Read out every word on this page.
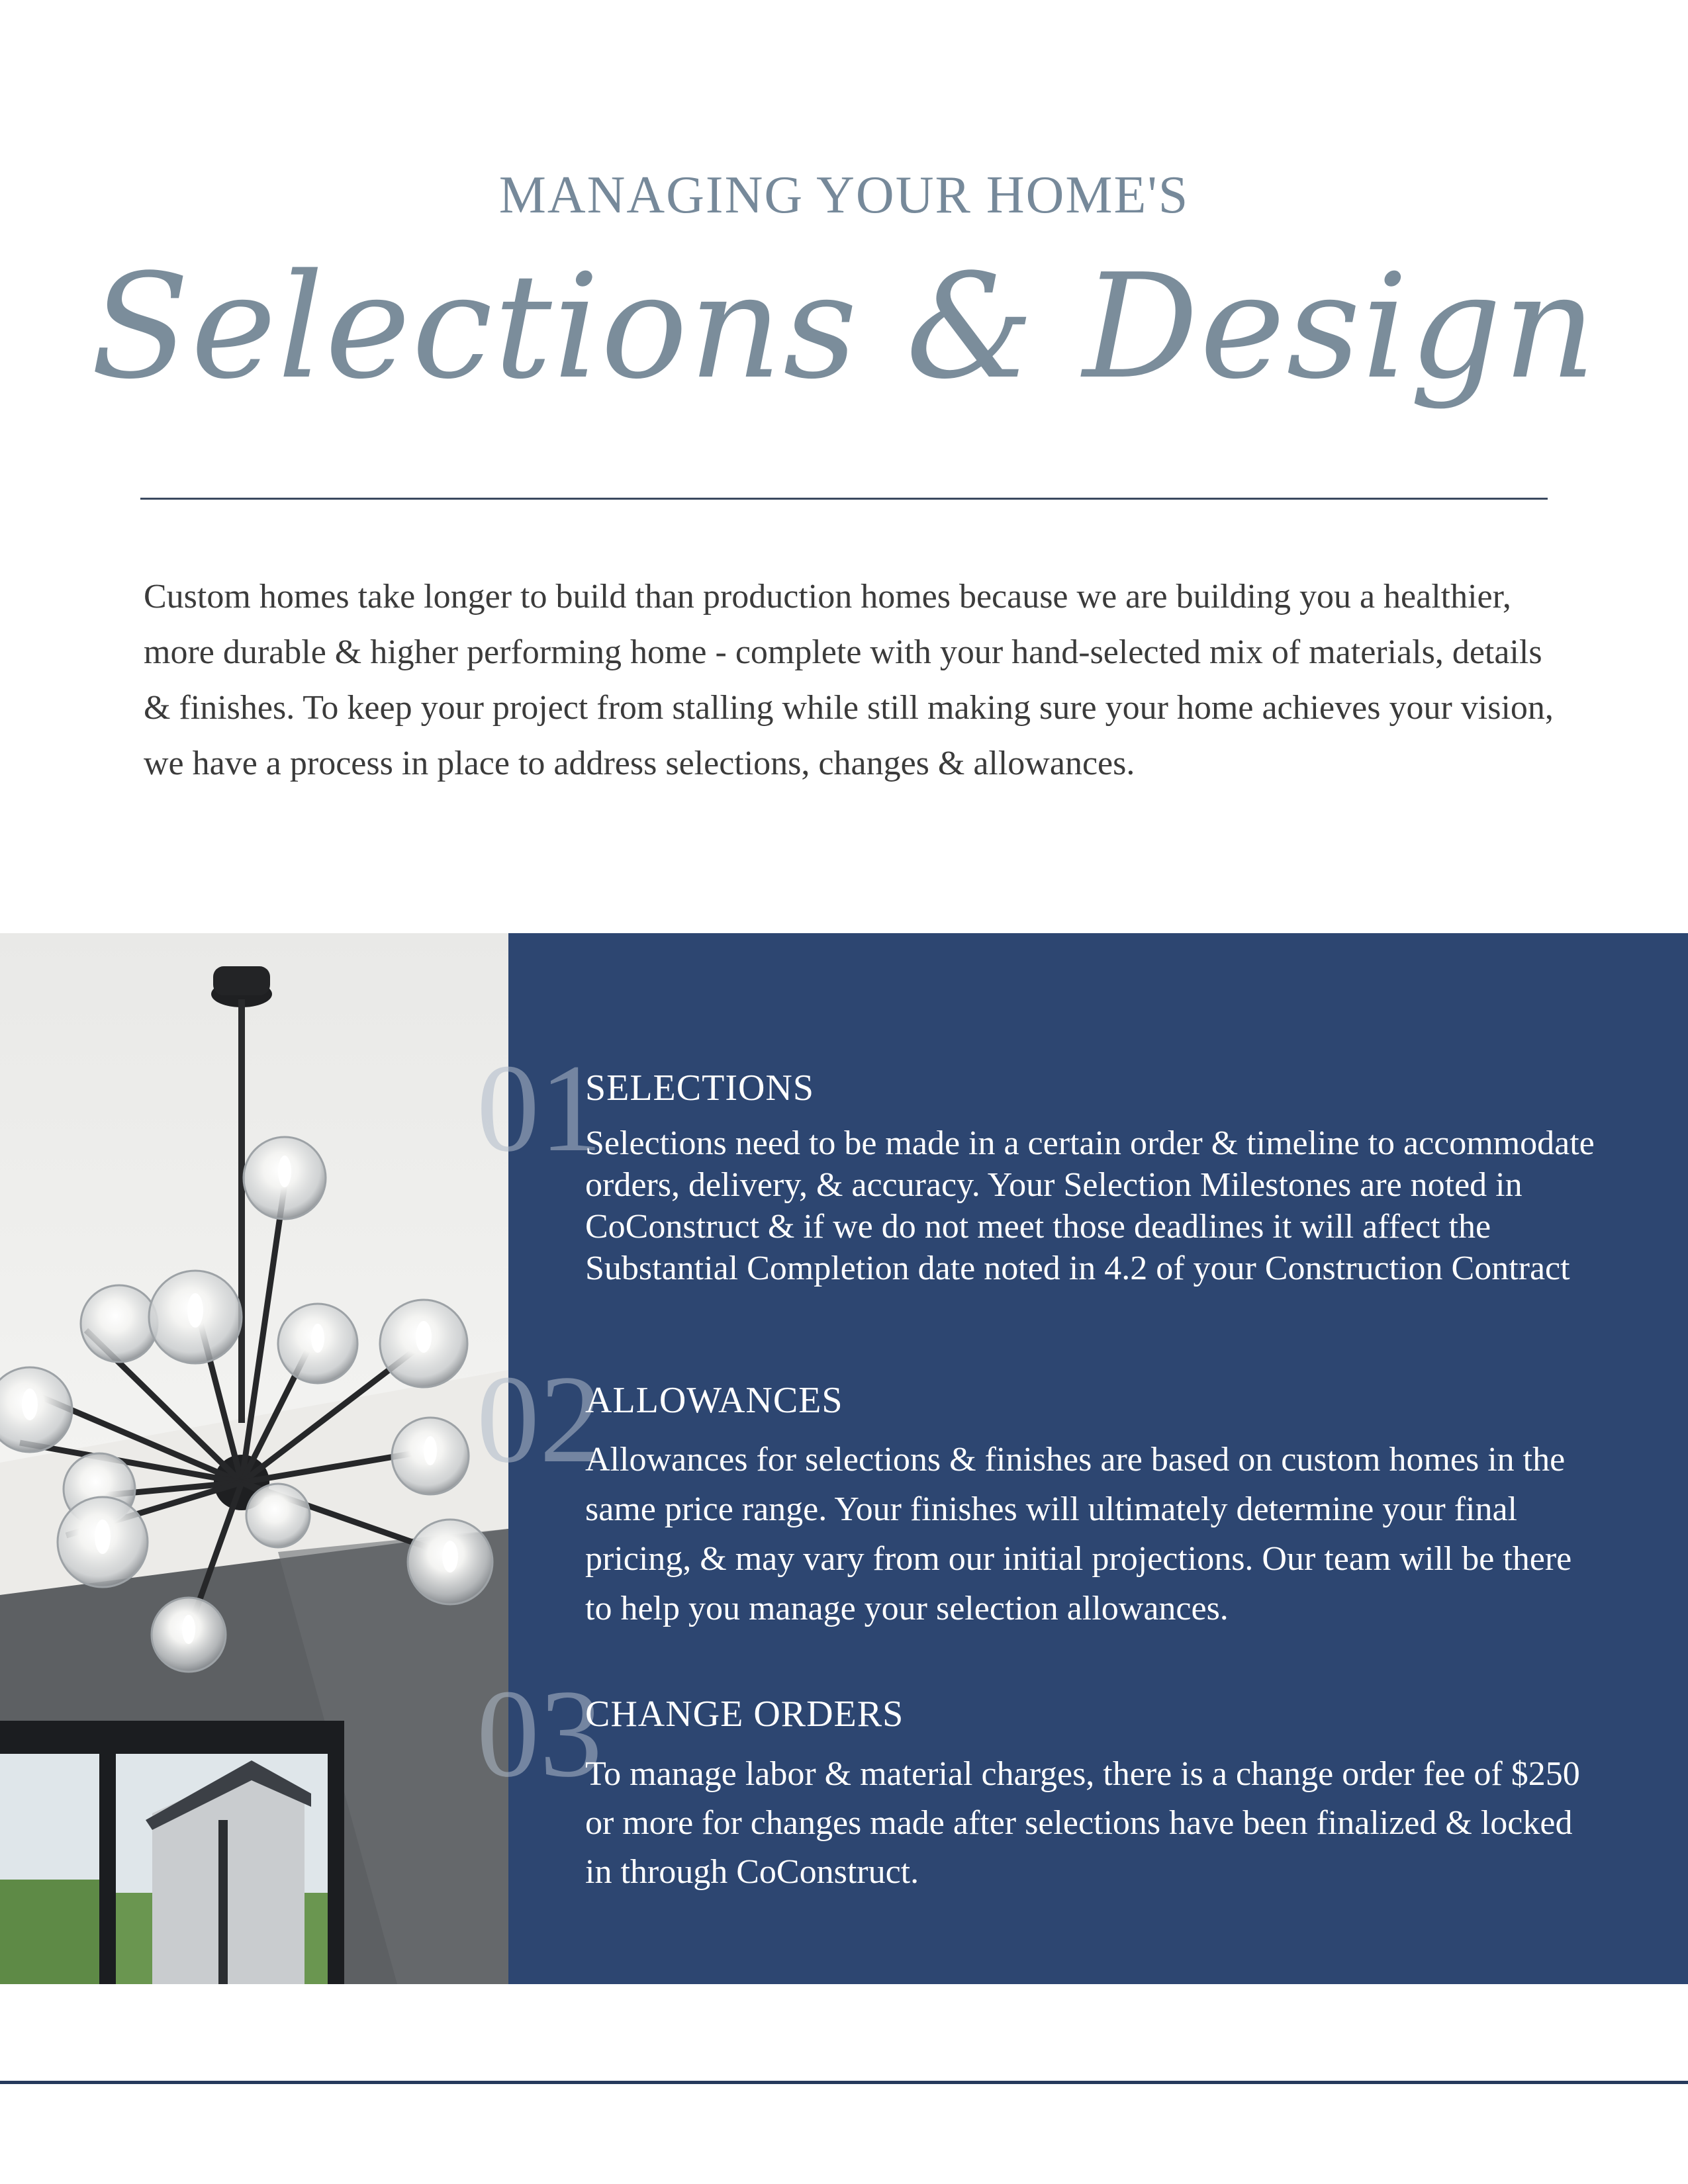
MANAGING YOUR HOME'S
Selections & Design

Custom homes take longer to build than production homes because we are building you a healthier, more durable & higher performing home - complete with your hand-selected mix of materials, details & finishes. To keep your project from stalling while still making sure your home achieves your vision, we have a process in place to address selections, changes & allowances.

01
SELECTIONS

Selections need to be made in a certain order & timeline to accommodate orders, delivery, & accuracy. Your Selection Milestones are noted in CoConstruct & if we do not meet those deadlines it will affect the Substantial Completion date noted in 4.2 of your Construction Contract

02
ALLOWANCES

Allowances for selections & finishes are based on custom homes in the same price range. Your finishes will ultimately determine your final pricing, & may vary from our initial projections. Our team will be there to help you manage your selection allowances.

03
CHANGE ORDERS

To manage labor & material charges, there is a change order fee of $250 or more for changes made after selections have been finalized & locked in through CoConstruct.
